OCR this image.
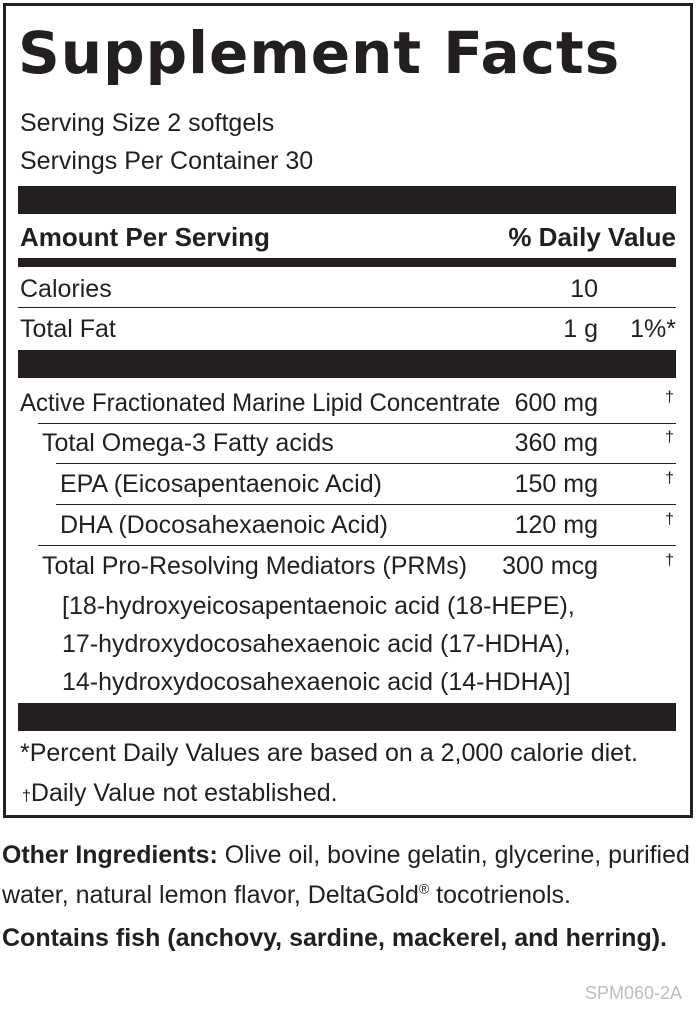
Supplement Facts
Serving Size 2 softgels
Servings Per Container 30
Amount Per Serving	% Daily Value
Calories	10
Total Fat	1 g 1%*
Active Fractionated Marine Lipid Concentrate 600 mg	†
Total Omega-3 Fatty acids	360 mg	†
EPA (Eicosapentaenoic Acid)	150 mg	†
DHA (Docosahexaenoic Acid)	120 mg	†
Total Pro-Resolving Mediators (PRMs) 300 mcg	†
[18-hydroxyeicosapentaenoic acid (18-HEPE),
17-hydroxydocosahexaenoic acid (17-HDHA),
14-hydroxydocosahexaenoic acid (14-HDHA)]
*Percent Daily Values are based on a 2,000 calorie diet.
†Daily Value not established.
Other Ingredients: Olive oil, bovine gelatin, glycerine, purified
water, natural lemon flavor, DeltaGold® tocotrienols.
Contains fish (anchovy, sardine, mackerel, and herring).
SPM060-2A
